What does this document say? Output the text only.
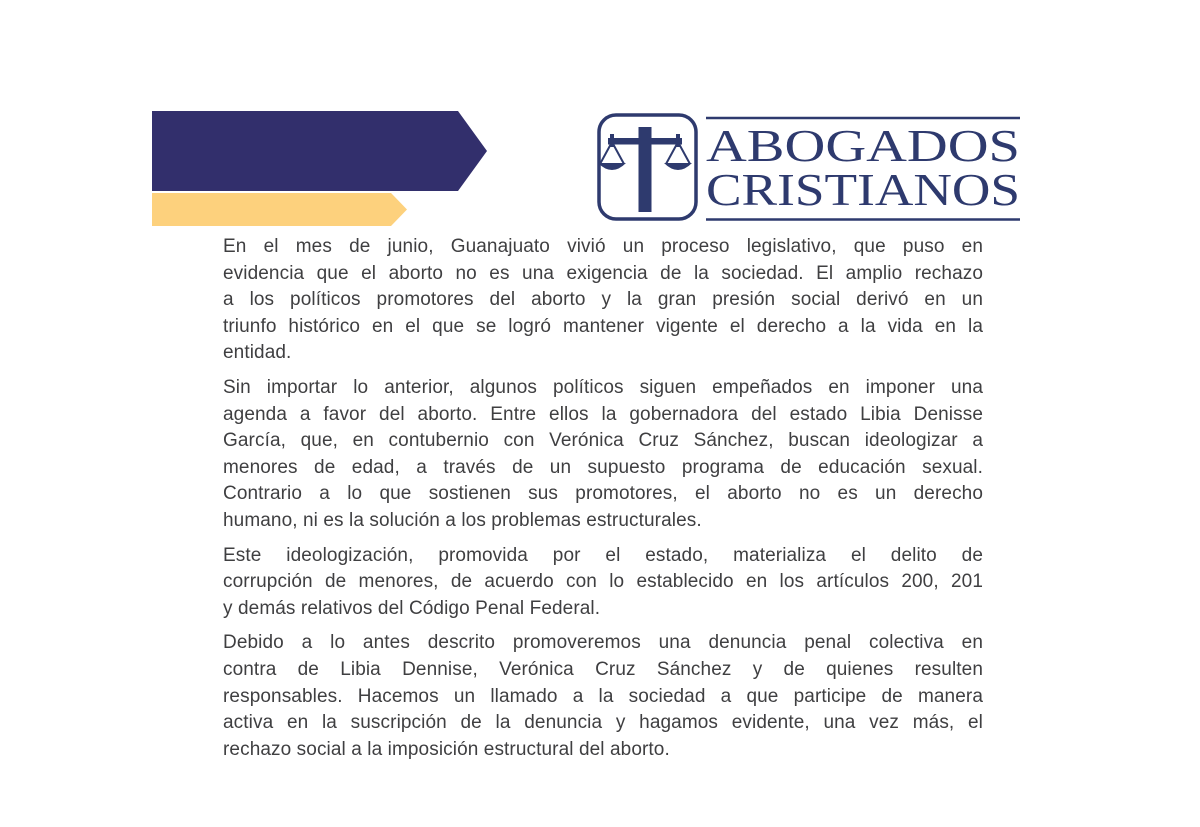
ABOGADOS
CRISTIANOS
En el mes de junio, Guanajuato vivió un proceso legislativo, que puso en
evidencia que el aborto no es una exigencia de la sociedad. El amplio rechazo
a los políticos promotores del aborto y la gran presión social derivó en un
triunfo histórico en el que se logró mantener vigente el derecho a la vida en la
entidad.
Sin importar lo anterior, algunos políticos siguen empeñados en imponer una
agenda a favor del aborto. Entre ellos la gobernadora del estado Libia Denisse
García, que, en contubernio con Verónica Cruz Sánchez, buscan ideologizar a
menores de edad, a través de un supuesto programa de educación sexual.
Contrario a lo que sostienen sus promotores, el aborto no es un derecho
humano, ni es la solución a los problemas estructurales.
Este ideologización, promovida por el estado, materializa el delito de
corrupción de menores, de acuerdo con lo establecido en los artículos 200, 201
y demás relativos del Código Penal Federal.
Debido a lo antes descrito promoveremos una denuncia penal colectiva en
contra de Libia Dennise, Verónica Cruz Sánchez y de quienes resulten
responsables. Hacemos un llamado a la sociedad a que participe de manera
activa en la suscripción de la denuncia y hagamos evidente, una vez más, el
rechazo social a la imposición estructural del aborto.
